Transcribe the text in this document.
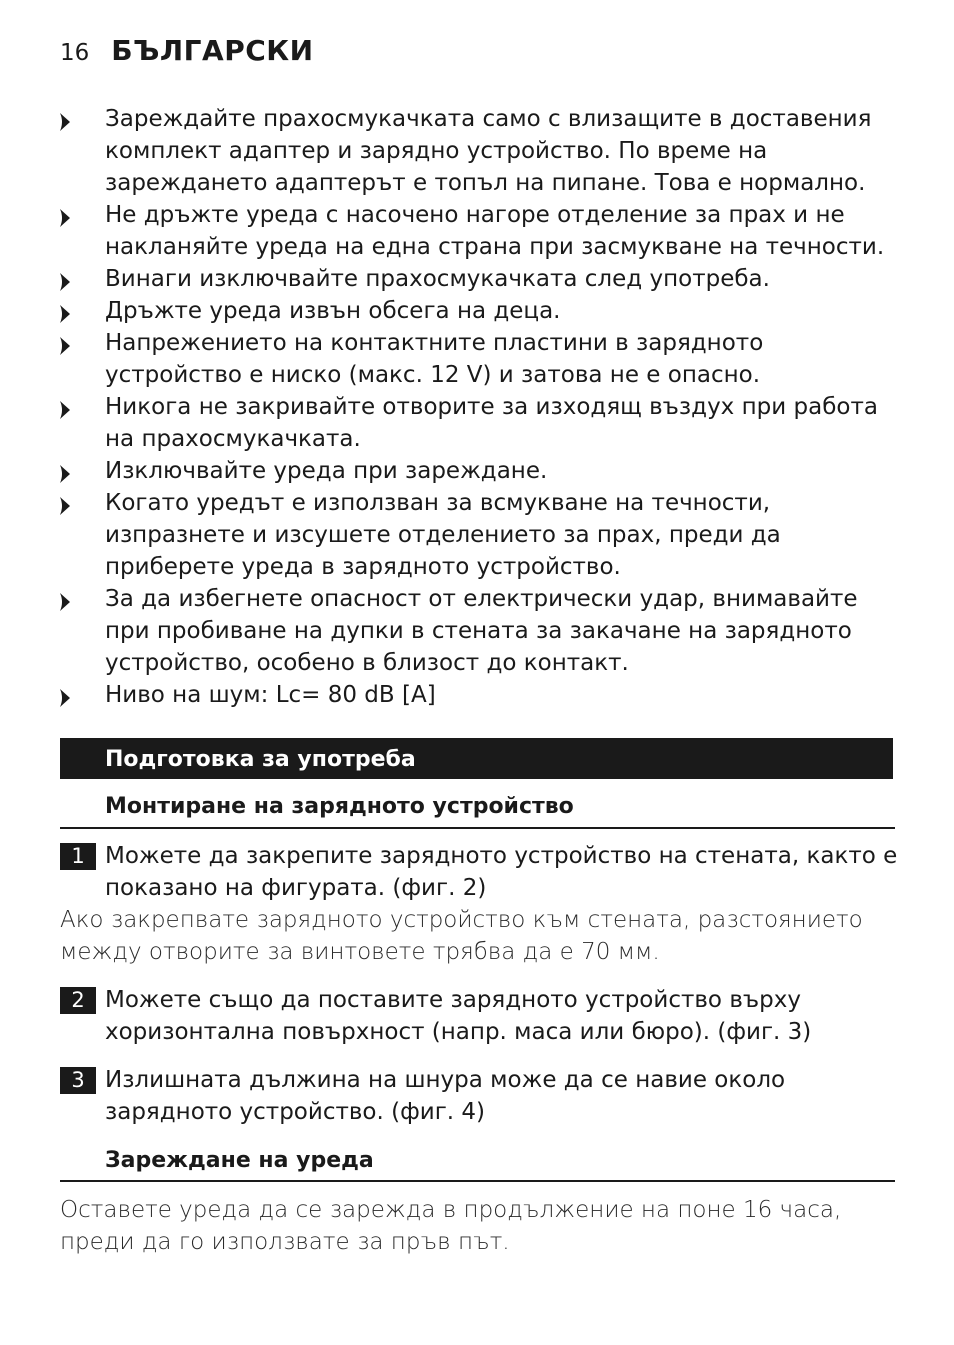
16 БЪЛГАРСКИ
Зареждайте прахосмукачката само с влизащите в доставения комплект адаптер и зарядно устройство. По време на зареждането адаптерът е топъл на пипане. Това е нормално.
Не дръжте уреда с насочено нагоре отделение за прах и не накланяйте уреда на една страна при засмукване на течности.
Винаги изключвайте прахосмукачката след употреба.
Дръжте уреда извън обсега на деца.
Напрежението на контактните пластини в зарядното устройство е ниско (макс. 12 V) и затова не е опасно.
Никога не закривайте отворите за изходящ въздух при работа на прахосмукачката.
Изключвайте уреда при зареждане.
Когато уредът е използван за всмукване на течности, изпразнете и изсушете отделението за прах, преди да приберете уреда в зарядното устройство.
За да избегнете опасност от електрически удар, внимавайте при пробиване на дупки в стената за закачане на зарядното устройство, особено в близост до контакт.
Ниво на шум: Lc= 80 dB [A]
Подготовка за употреба
Монтиране на зарядното устройство
1 Можете да закрепите зарядното устройство на стената, както е показано на фигурата. (фиг. 2)
Ако закрепвате зарядното устройство към стената, разстоянието между отворите за винтовете трябва да е 70 мм.
2 Можете също да поставите зарядното устройство върху хоризонтална повърхност (напр. маса или бюро). (фиг. 3)
3 Излишната дължина на шнура може да се навие около зарядното устройство. (фиг. 4)
Зареждане на уреда
Оставете уреда да се зарежда в продължение на поне 16 часа, преди да го използвате за пръв път.
